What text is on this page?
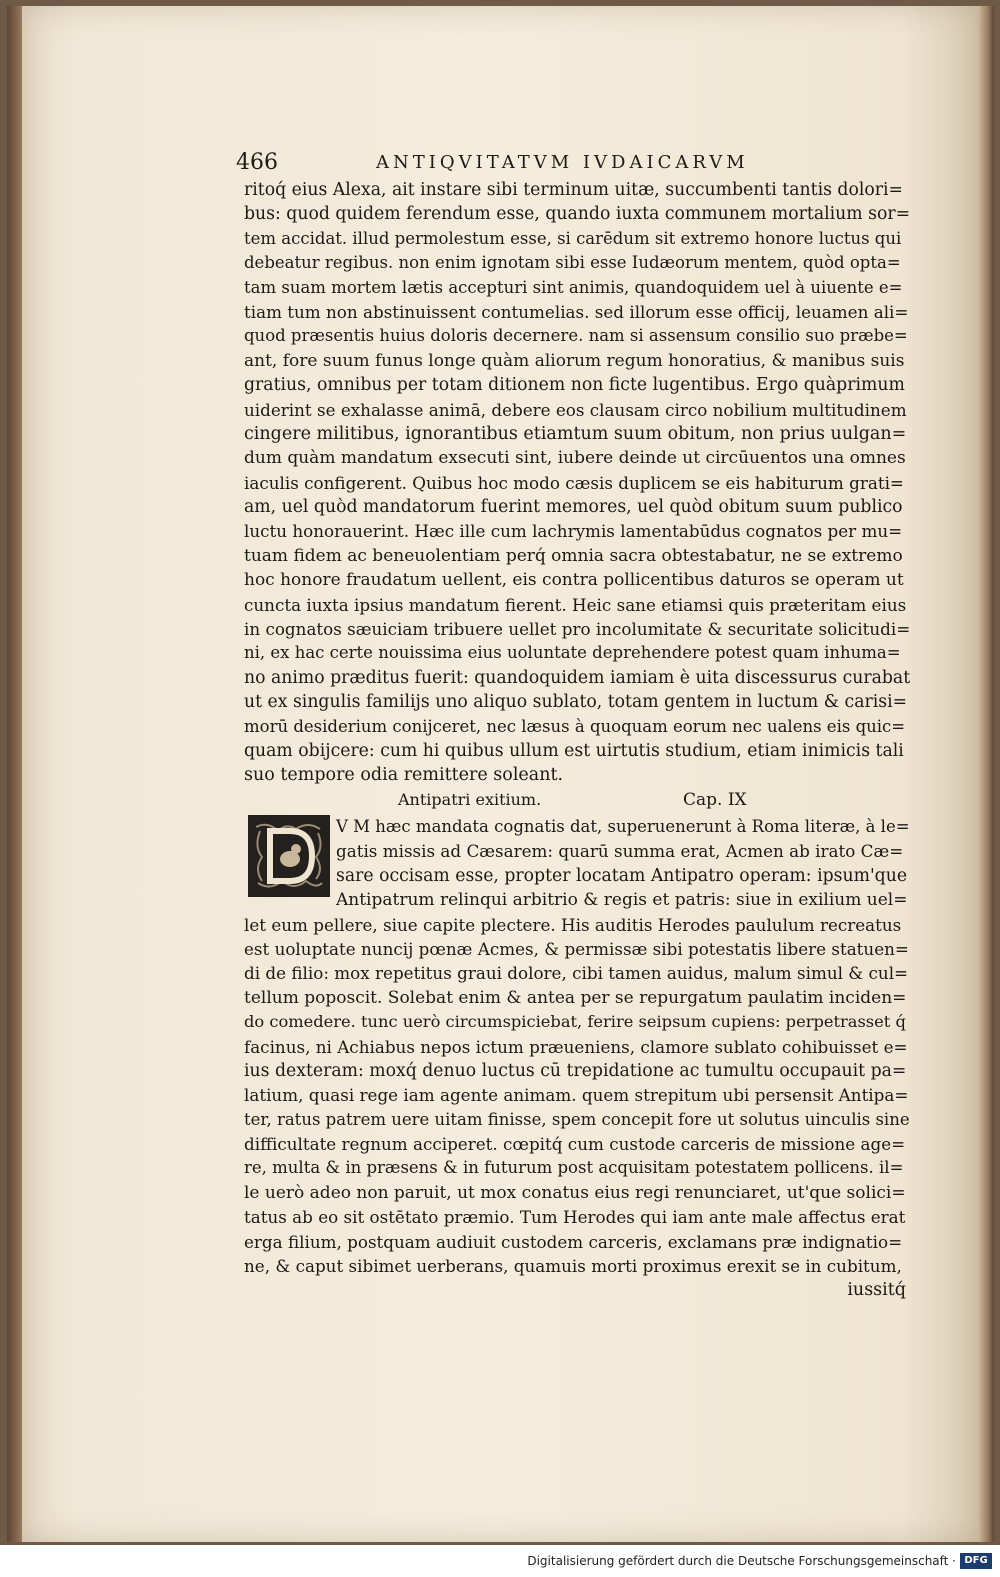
466	ANTIQVITATVM IVDAICARVM
ritoq́ eius Alexa, ait instare sibi terminum uitæ, succumbenti tantis dolori=
bus: quod quidem ferendum esse, quando iuxta communem mortalium sor=
tem accidat. illud permolestum esse, si carēdum sit extremo honore luctus qui
debeatur regibus. non enim ignotam sibi esse Iudæorum mentem, quòd opta=
tam suam mortem lætis accepturi sint animis, quandoquidem uel à uiuente e=
tiam tum non abstinuissent contumelias. sed illorum esse officij, leuamen ali=
quod præsentis huius doloris decernere. nam si assensum consilio suo præbe=
ant, fore suum funus longe quàm aliorum regum honoratius, & manibus suis
gratius, omnibus per totam ditionem non ficte lugentibus. Ergo quàprimum
uiderint se exhalasse animā, debere eos clausam circo nobilium multitudinem
cingere militibus, ignorantibus etiamtum suum obitum, non prius uulgan=
dum quàm mandatum exsecuti sint, iubere deinde ut circūuentos una omnes
iaculis configerent. Quibus hoc modo cæsis duplicem se eis habiturum grati=
am, uel quòd mandatorum fuerint memores, uel quòd obitum suum publico
luctu honorauerint. Hæc ille cum lachrymis lamentabūdus cognatos per mu=
tuam fidem ac beneuolentiam perq́ omnia sacra obtestabatur, ne se extremo
hoc honore fraudatum uellent, eis contra pollicentibus daturos se operam ut
cuncta iuxta ipsius mandatum fierent. Heic sane etiamsi quis præteritam eius
in cognatos sæuiciam tribuere uellet pro incolumitate & securitate solicitudi=
ni, ex hac certe nouissima eius uoluntate deprehendere potest quam inhuma=
no animo præditus fuerit: quandoquidem iamiam è uita discessurus curabat
ut ex singulis familijs uno aliquo sublato, totam gentem in luctum & carisi=
morū desiderium conijceret, nec læsus à quoquam eorum nec ualens eis quic=
quam obijcere: cum hi quibus ullum est uirtutis studium, etiam inimicis tali
suo tempore odia remittere soleant.
Antipatri exitium.	Cap. IX
V M hæc mandata cognatis dat, superuenerunt à Roma literæ, à le=
gatis missis ad Cæsarem: quarū summa erat, Acmen ab irato Cæ=
sare occisam esse, propter locatam Antipatro operam: ipsum'que
Antipatrum relinqui arbitrio & regis et patris: siue in exilium uel=
let eum pellere, siue capite plectere. His auditis Herodes paululum recreatus
est uoluptate nuncij pœnæ Acmes, & permissæ sibi potestatis libere statuen=
di de filio: mox repetitus graui dolore, cibi tamen auidus, malum simul & cul=
tellum poposcit. Solebat enim & antea per se repurgatum paulatim inciden=
do comedere. tunc uerò circumspiciebat, ferire seipsum cupiens: perpetrasset q́
facinus, ni Achiabus nepos ictum præueniens, clamore sublato cohibuisset e=
ius dexteram: moxq́ denuo luctus cū trepidatione ac tumultu occupauit pa=
latium, quasi rege iam agente animam. quem strepitum ubi persensit Antipa=
ter, ratus patrem uere uitam finisse, spem concepit fore ut solutus uinculis sine
difficultate regnum acciperet. cœpitq́ cum custode carceris de missione age=
re, multa & in præsens & in futurum post acquisitam potestatem pollicens. il=
le uerò adeo non paruit, ut mox conatus eius regi renunciaret, ut'que solici=
tatus ab eo sit ostētato præmio. Tum Herodes qui iam ante male affectus erat
erga filium, postquam audiuit custodem carceris, exclamans præ indignatio=
ne, & caput sibimet uerberans, quamuis morti proximus erexit se in cubitum,
iussitq́
Digitalisierung gefördert durch die Deutsche Forschungsgemeinschaft · DFG
